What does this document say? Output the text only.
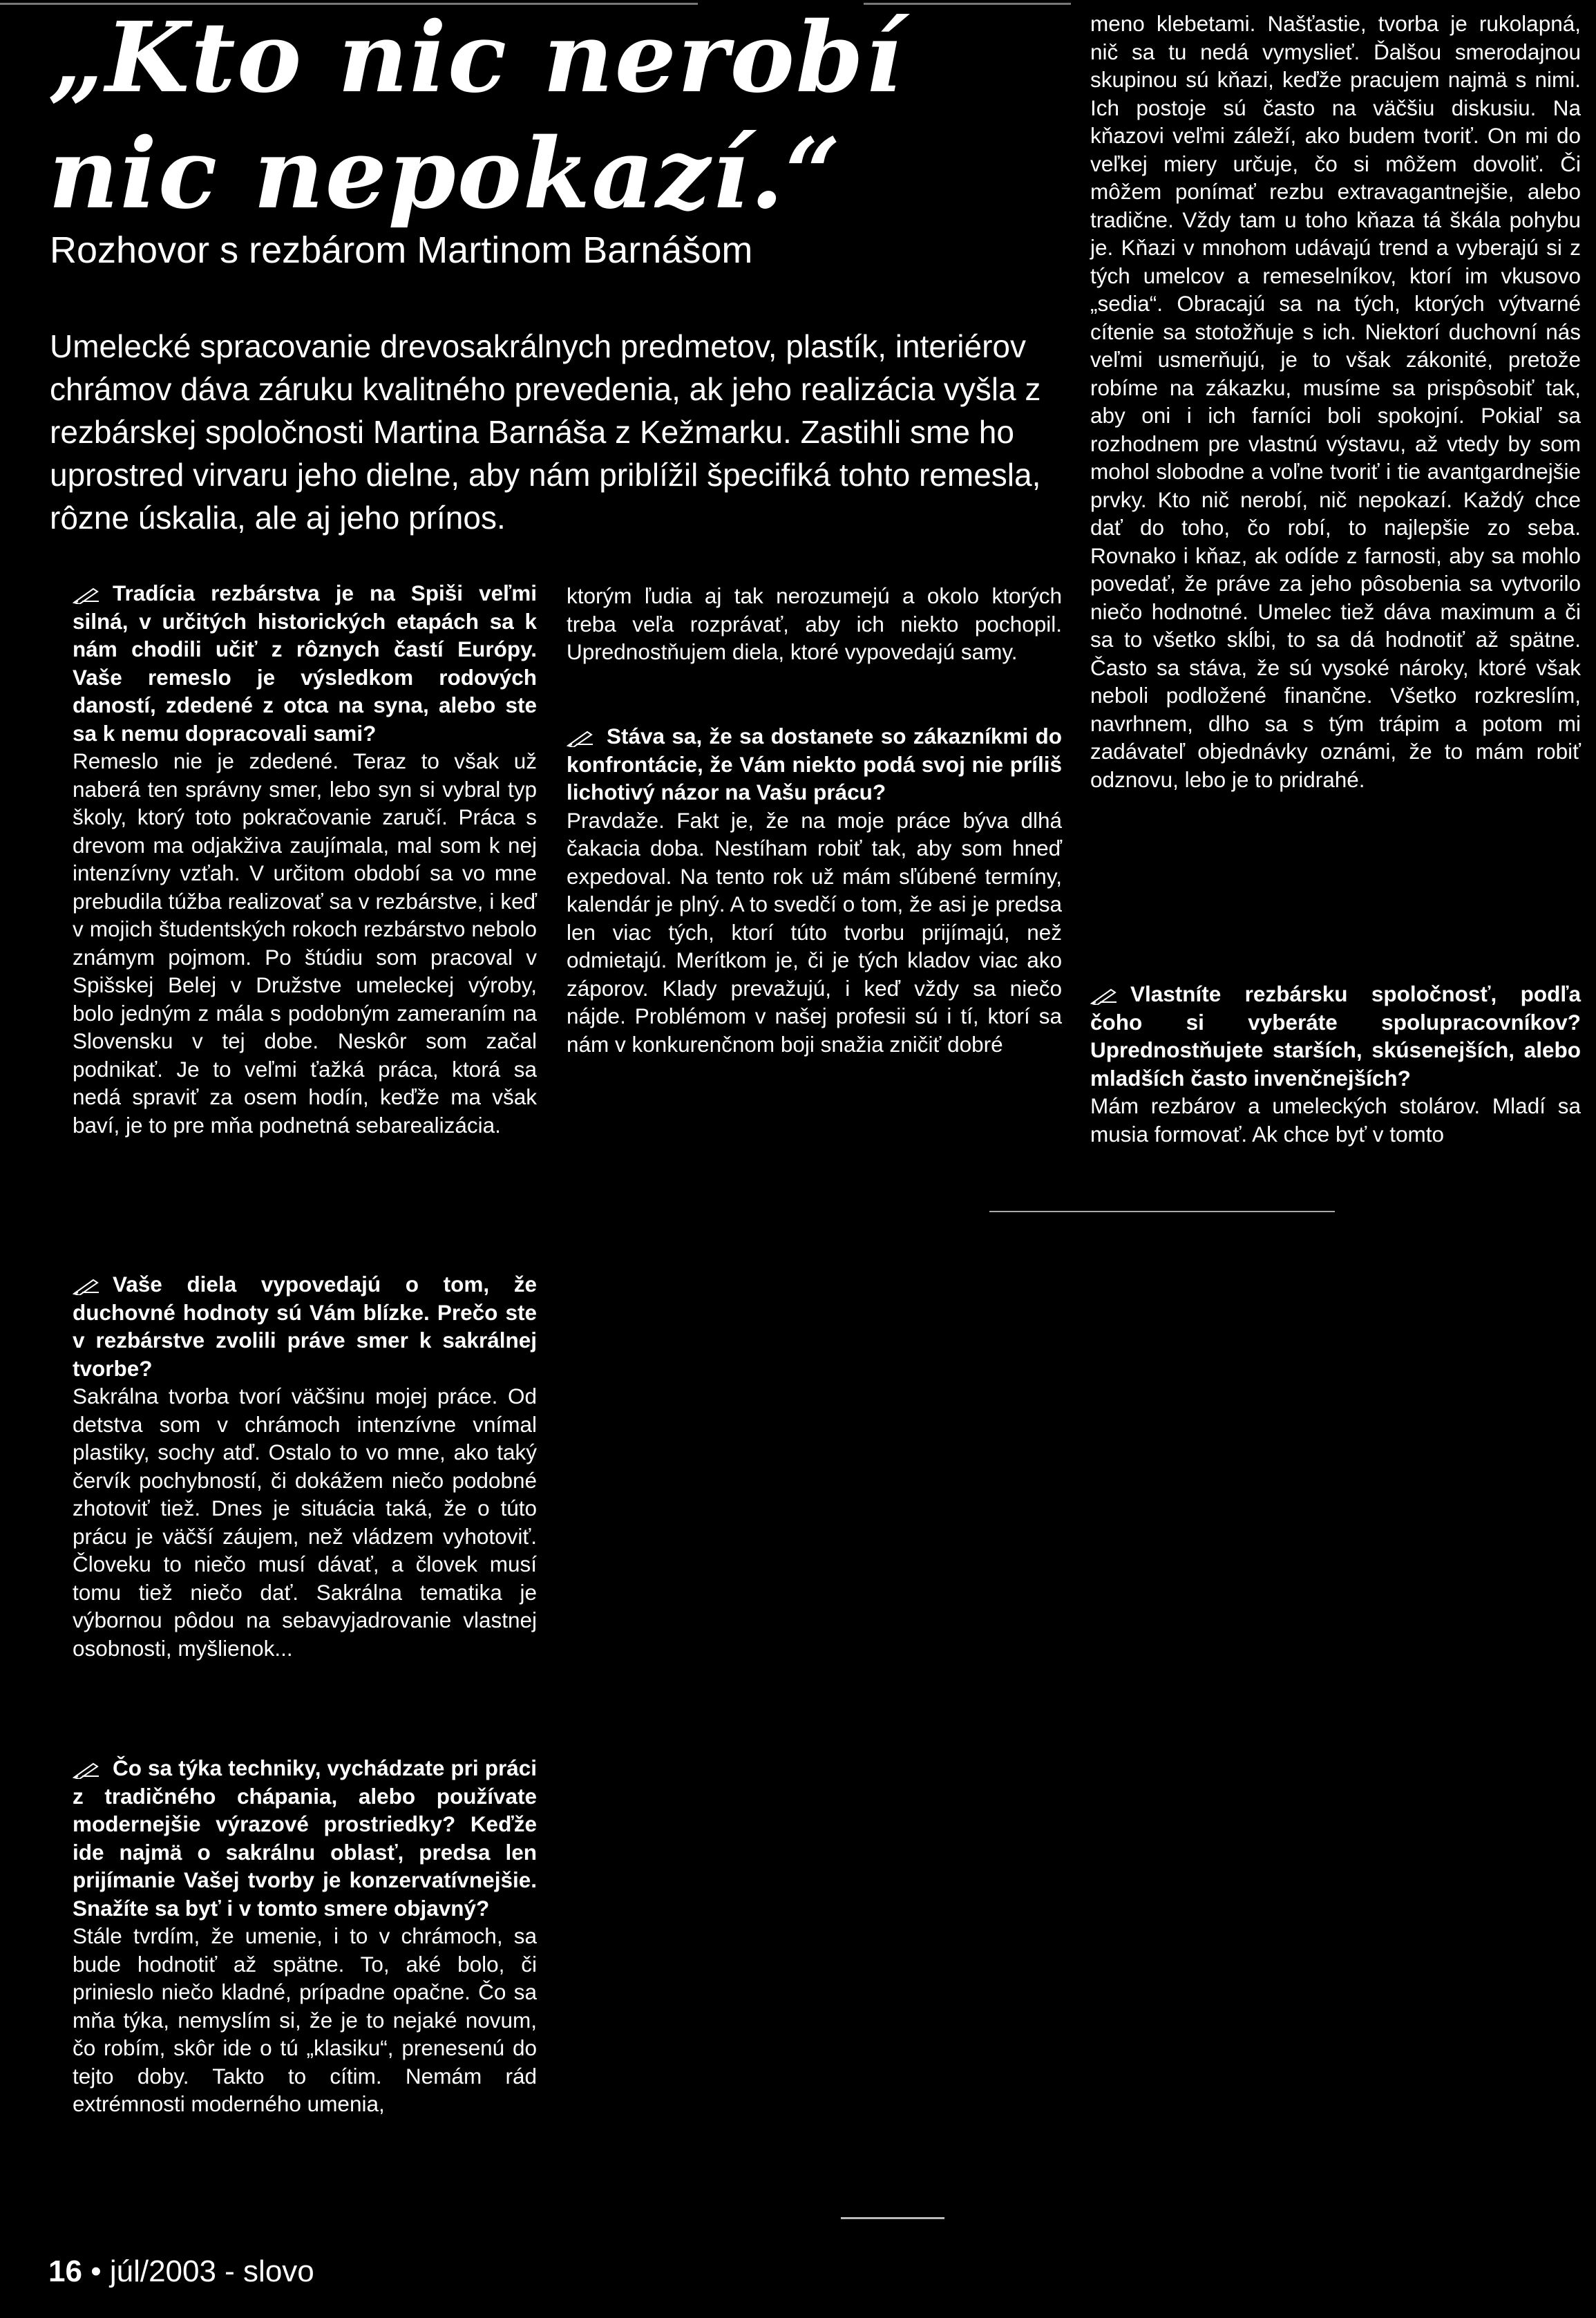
„Kto nic nerobí
nic nepokazí.“
Rozhovor s rezbárom Martinom Barnášom

Umelecké spracovanie drevosakrálnych predmetov, plastík, interiérov chrámov dáva záruku kvalitného prevedenia, ak jeho realizácia vyšla z rezbárskej spoločnosti Martina Barnáša z Kežmarku. Zastihli sme ho uprostred virvaru jeho dielne, aby nám priblížil špecifiká tohto remesla, rôzne úskalia, ale aj jeho prínos.

Tradícia rezbárstva je na Spiši veľmi silná, v určitých historických etapách sa k nám chodili učiť z rôznych častí Európy. Vaše remeslo je výsledkom rodových daností, zdedené z otca na syna, alebo ste sa k nemu dopracovali sami?

Remeslo nie je zdedené. Teraz to však už naberá ten správny smer, lebo syn si vybral typ školy, ktorý toto pokračovanie zaručí. Práca s drevom ma odjakživa zaujímala, mal som k nej intenzívny vzťah. V určitom období sa vo mne prebudila túžba realizovať sa v rezbárstve, i keď v mojich študentských rokoch rezbárstvo nebolo známym pojmom. Po štúdiu som pracoval v Spišskej Belej v Družstve umeleckej výroby, bolo jedným z mála s podobným zameraním na Slovensku v tej dobe. Neskôr som začal podnikať. Je to veľmi ťažká práca, ktorá sa nedá spraviť za osem hodín, keďže ma však baví, je to pre mňa podnetná sebarealizácia.

Vaše diela vypovedajú o tom, že duchovné hodnoty sú Vám blízke. Prečo ste v rezbárstve zvolili práve smer k sakrálnej tvorbe?

Sakrálna tvorba tvorí väčšinu mojej práce. Od detstva som v chrámoch intenzívne vnímal plastiky, sochy atď. Ostalo to vo mne, ako taký červík pochybností, či dokážem niečo podobné zhotoviť tiež. Dnes je situácia taká, že o túto prácu je väčší záujem, než vládzem vyhotoviť. Človeku to niečo musí dávať, a človek musí tomu tiež niečo dať. Sakrálna tematika je výbornou pôdou na sebavyjadrovanie vlastnej osobnosti, myšlienok...

Čo sa týka techniky, vychádzate pri práci z tradičného chápania, alebo používate modernejšie výrazové prostriedky? Keďže ide najmä o sakrálnu oblasť, predsa len prijímanie Vašej tvorby je konzervatívnejšie. Snažíte sa byť i v tomto smere objavný?

Stále tvrdím, že umenie, i to v chrámoch, sa bude hodnotiť až spätne. To, aké bolo, či prinieslo niečo kladné, prípadne opačne. Čo sa mňa týka, nemyslím si, že je to nejaké novum, čo robím, skôr ide o tú „klasiku“, prenesenú do tejto doby. Takto to cítim. Nemám rád extrémnosti moderného umenia,

ktorým ľudia aj tak nerozumejú a okolo ktorých treba veľa rozprávať, aby ich niekto pochopil. Uprednostňujem diela, ktoré vypovedajú samy.

Stáva sa, že sa dostanete so zákazníkmi do konfrontácie, že Vám niekto podá svoj nie príliš lichotivý názor na Vašu prácu?

Pravdaže. Fakt je, že na moje práce býva dlhá čakacia doba. Nestíham robiť tak, aby som hneď expedoval. Na tento rok už mám sľúbené termíny, kalendár je plný. A to svedčí o tom, že asi je predsa len viac tých, ktorí túto tvorbu prijímajú, než odmietajú. Merítkom je, či je tých kladov viac ako záporov. Klady prevažujú, i keď vždy sa niečo nájde. Problémom v našej profesii sú i tí, ktorí sa nám v konkurenčnom boji snažia zničiť dobré

meno klebetami. Našťastie, tvorba je rukolapná, nič sa tu nedá vymyslieť. Ďalšou smerodajnou skupinou sú kňazi, keďže pracujem najmä s nimi. Ich postoje sú často na väčšiu diskusiu. Na kňazovi veľmi záleží, ako budem tvoriť. On mi do veľkej miery určuje, čo si môžem dovoliť. Či môžem ponímať rezbu extravagantnejšie, alebo tradične. Vždy tam u toho kňaza tá škála pohybu je. Kňazi v mnohom udávajú trend a vyberajú si z tých umelcov a remeselníkov, ktorí im vkusovo „sedia“. Obracajú sa na tých, ktorých výtvarné cítenie sa stotožňuje s ich. Niektorí duchovní nás veľmi usmerňujú, je to však zákonité, pretože robíme na zákazku, musíme sa prispôsobiť tak, aby oni i ich farníci boli spokojní. Pokiaľ sa rozhodnem pre vlastnú výstavu, až vtedy by som mohol slobodne a voľne tvoriť i tie avantgardnejšie prvky. Kto nič nerobí, nič nepokazí. Každý chce dať do toho, čo robí, to najlepšie zo seba. Rovnako i kňaz, ak odíde z farnosti, aby sa mohlo povedať, že práve za jeho pôsobenia sa vytvorilo niečo hodnotné. Umelec tiež dáva maximum a či sa to všetko skĺbi, to sa dá hodnotiť až spätne. Často sa stáva, že sú vysoké nároky, ktoré však neboli podložené finančne. Všetko rozkreslím, navrhnem, dlho sa s tým trápim a potom mi zadávateľ objednávky oznámi, že to mám robiť odznovu, lebo je to pridrahé.

Vlastníte rezbársku spoločnosť, podľa čoho si vyberáte spolupracovníkov? Uprednostňujete starších, skúsenejších, alebo mladších často invenčnejších?

Mám rezbárov a umeleckých stolárov. Mladí sa musia formovať. Ak chce byť v tomto

16 • júl/2003 - slovo
